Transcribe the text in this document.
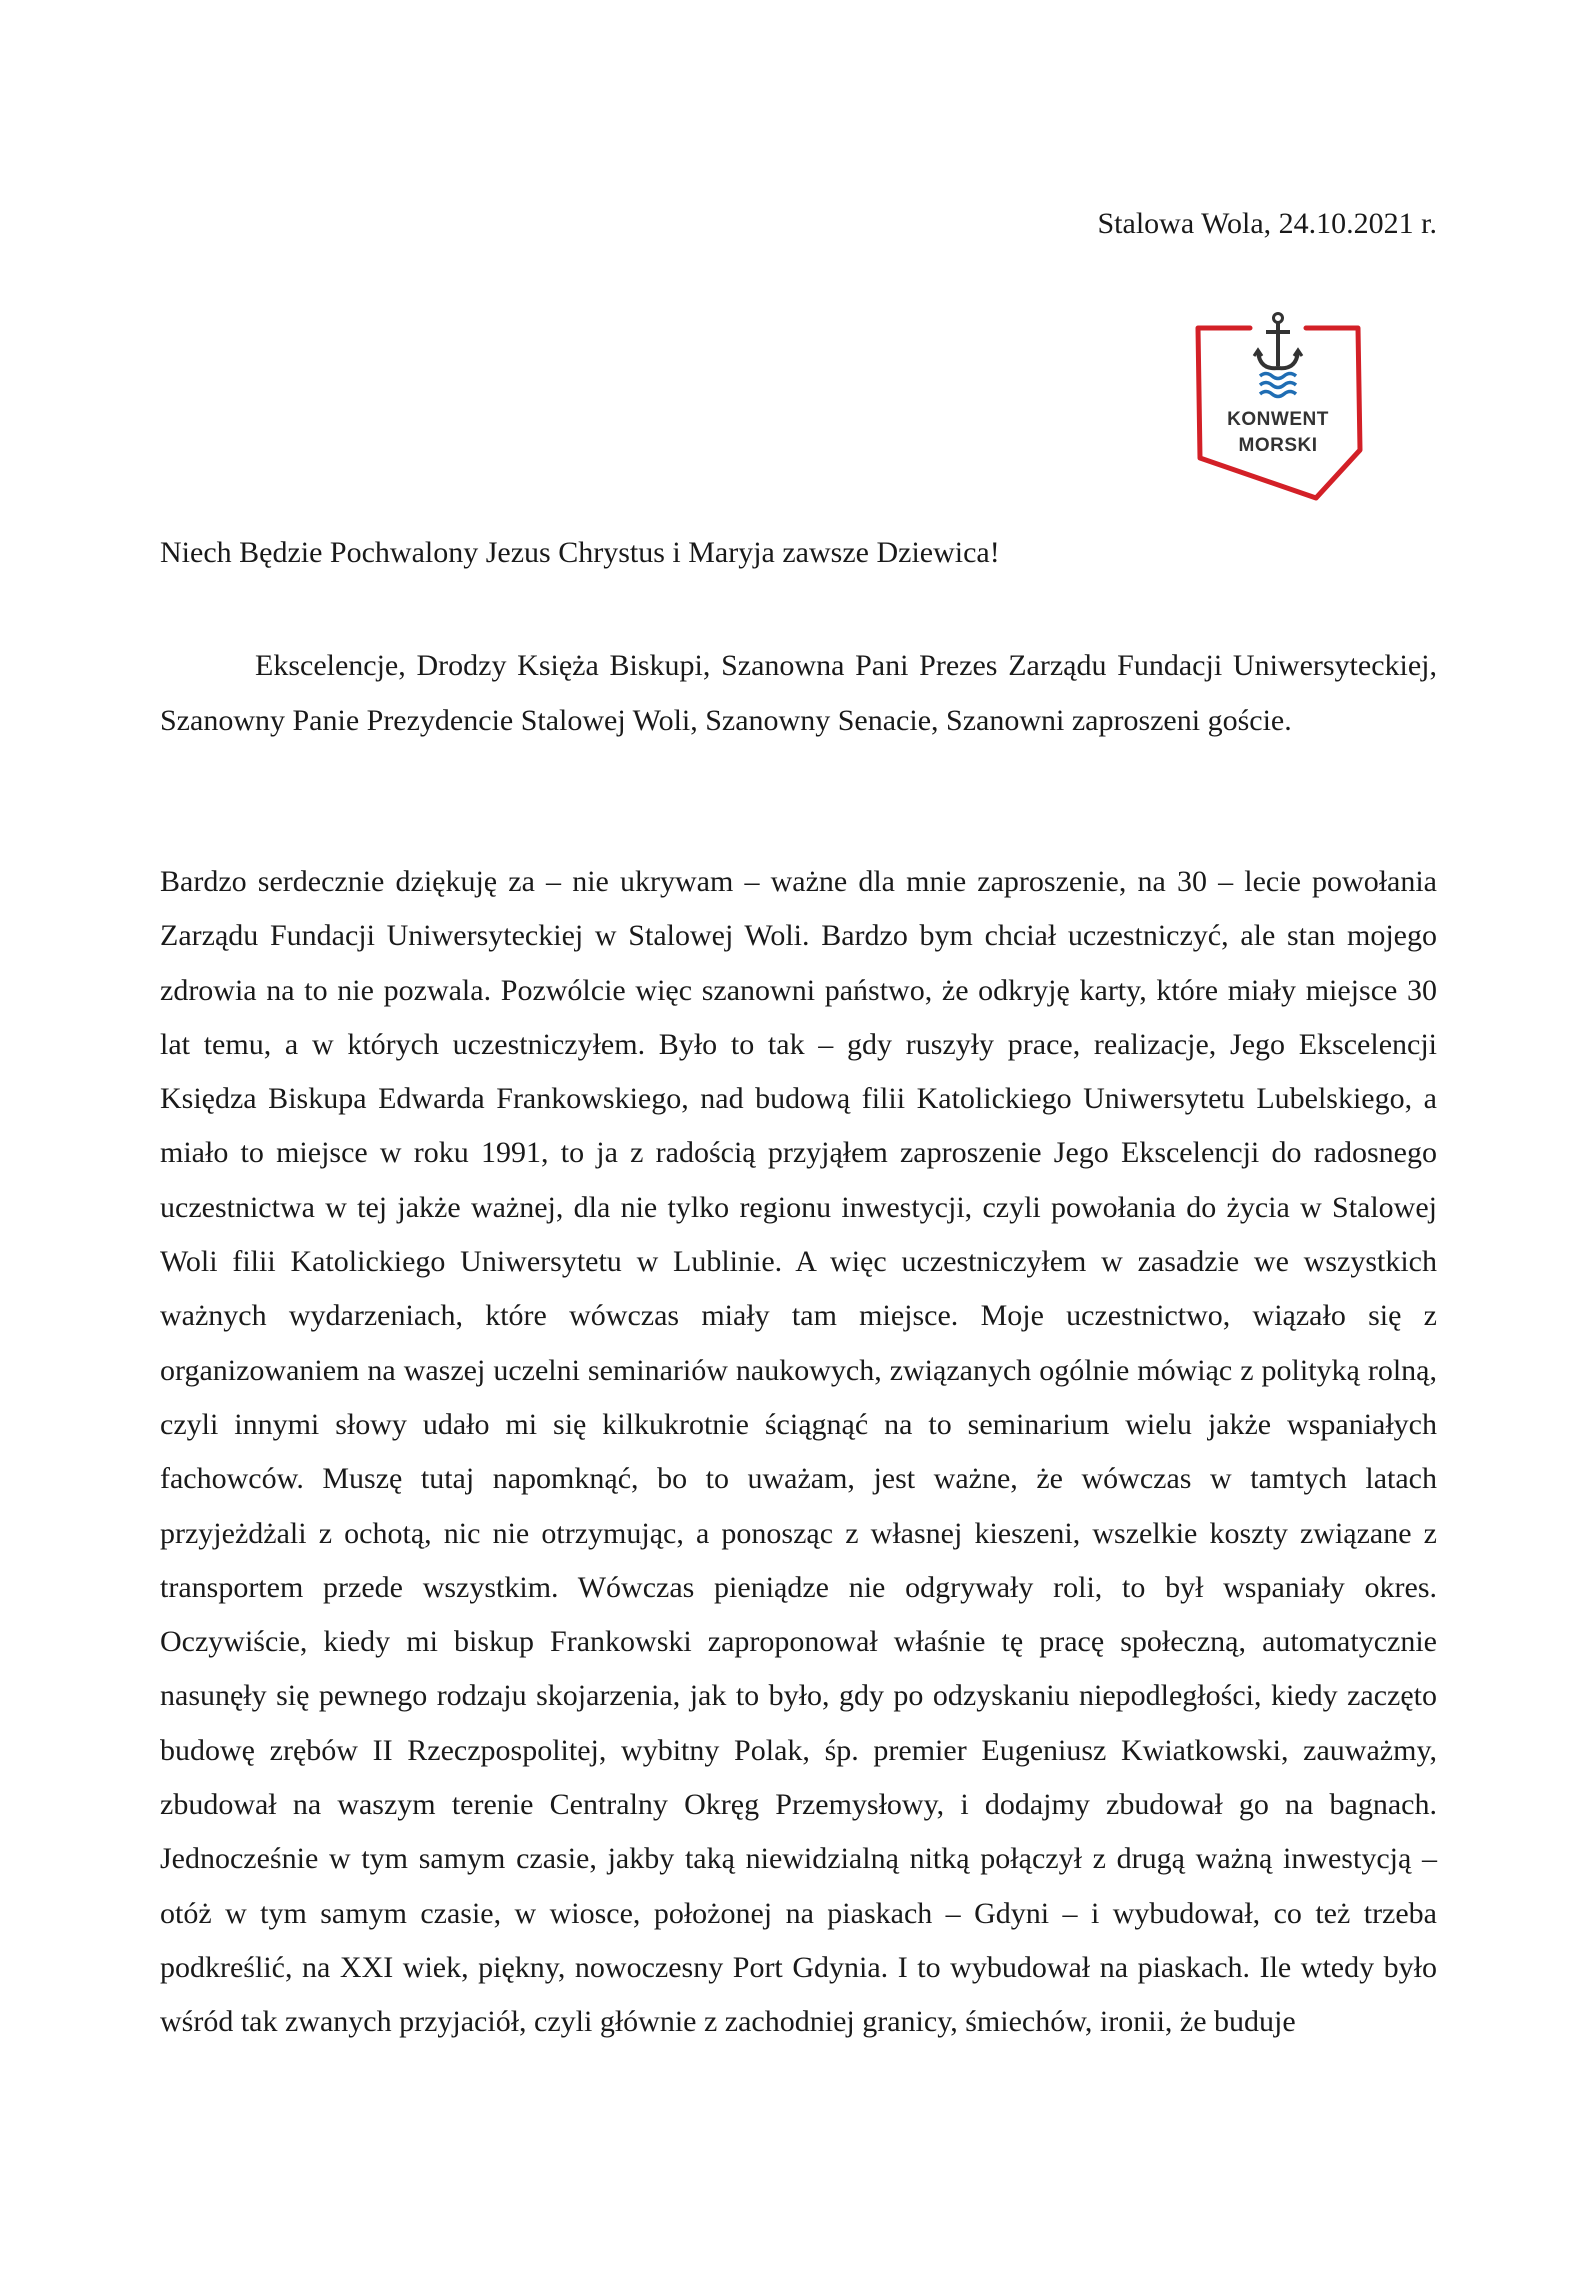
Stalowa Wola, 24.10.2021 r.
KONWENT
MORSKI
Niech Będzie Pochwalony Jezus Chrystus i Maryja zawsze Dziewica!

Ekscelencje, Drodzy Księża Biskupi, Szanowna Pani Prezes Zarządu Fundacji Uniwersyteckiej, Szanowny Panie Prezydencie Stalowej Woli, Szanowny Senacie, Szanowni zaproszeni goście.

Bardzo serdecznie dziękuję za – nie ukrywam – ważne dla mnie zaproszenie, na 30 – lecie powołania Zarządu Fundacji Uniwersyteckiej w Stalowej Woli. Bardzo bym chciał uczestniczyć, ale stan mojego zdrowia na to nie pozwala. Pozwólcie więc szanowni państwo, że odkryję karty, które miały miejsce 30 lat temu, a w których uczestniczyłem. Było to tak – gdy ruszyły prace, realizacje, Jego Ekscelencji Księdza Biskupa Edwarda Frankowskiego, nad budową filii Katolickiego Uniwersytetu Lubelskiego, a miało to miejsce w roku 1991, to ja z radością przyjąłem zaproszenie Jego Ekscelencji do radosnego uczestnictwa w tej jakże ważnej, dla nie tylko regionu inwestycji, czyli powołania do życia w Stalowej Woli filii Katolickiego Uniwersytetu w Lublinie. A więc uczestniczyłem w zasadzie we wszystkich ważnych wydarzeniach, które wówczas miały tam miejsce. Moje uczestnictwo, wiązało się z organizowaniem na waszej uczelni seminariów naukowych, związanych ogólnie mówiąc z polityką rolną, czyli innymi słowy udało mi się kilkukrotnie ściągnąć na to seminarium wielu jakże wspaniałych fachowców. Muszę tutaj napomknąć, bo to uważam, jest ważne, że wówczas w tamtych latach przyjeżdżali z ochotą, nic nie otrzymując, a ponosząc z własnej kieszeni, wszelkie koszty związane z transportem przede wszystkim. Wówczas pieniądze nie odgrywały roli, to był wspaniały okres. Oczywiście, kiedy mi biskup Frankowski zaproponował właśnie tę pracę społeczną, automatycznie nasunęły się pewnego rodzaju skojarzenia, jak to było, gdy po odzyskaniu niepodległości, kiedy zaczęto budowę zrębów II Rzeczpospolitej, wybitny Polak, śp. premier Eugeniusz Kwiatkowski, zauważmy, zbudował na waszym terenie Centralny Okręg Przemysłowy, i dodajmy zbudował go na bagnach. Jednocześnie w tym samym czasie, jakby taką niewidzialną nitką połączył z drugą ważną inwestycją – otóż w tym samym czasie, w wiosce, położonej na piaskach – Gdyni – i wybudował, co też trzeba podkreślić, na XXI wiek, piękny, nowoczesny Port Gdynia. I to wybudował na piaskach. Ile wtedy było wśród tak zwanych przyjaciół, czyli głównie z zachodniej granicy, śmiechów, ironii, że buduje
